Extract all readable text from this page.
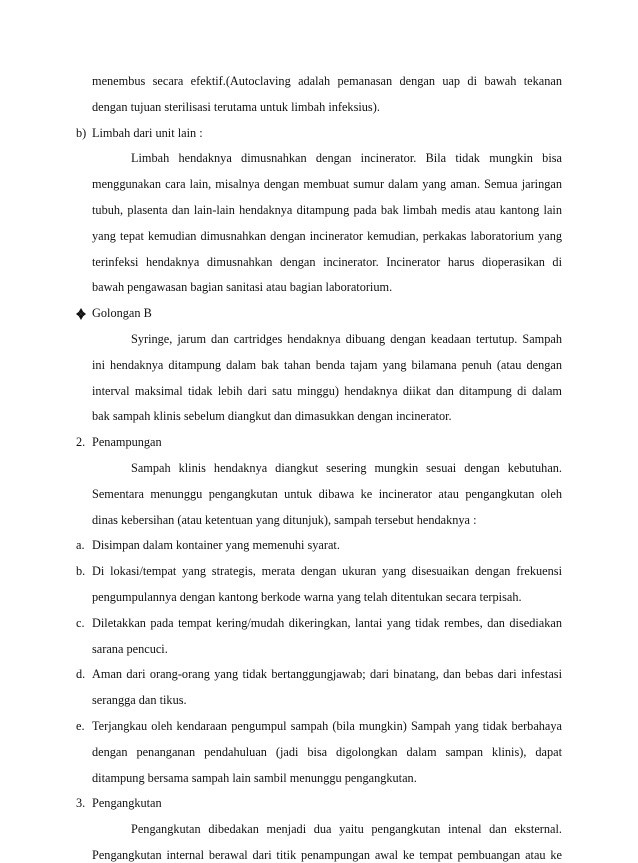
menembus secara efektif.(Autoclaving adalah pemanasan dengan uap di bawah tekanan
dengan tujuan sterilisasi terutama untuk limbah infeksius).
b) Limbah dari unit lain :
Limbah hendaknya dimusnahkan dengan incinerator. Bila tidak mungkin bisa
menggunakan cara lain, misalnya dengan membuat sumur dalam yang aman. Semua jaringan
tubuh, plasenta dan lain-lain hendaknya ditampung pada bak limbah medis atau kantong lain
yang tepat kemudian dimusnahkan dengan incinerator kemudian, perkakas laboratorium yang
terinfeksi hendaknya dimusnahkan dengan incinerator. Incinerator harus dioperasikan di
bawah pengawasan bagian sanitasi atau bagian laboratorium.
Golongan B
Syringe, jarum dan cartridges hendaknya dibuang dengan keadaan tertutup. Sampah
ini hendaknya ditampung dalam bak tahan benda tajam yang bilamana penuh (atau dengan
interval maksimal tidak lebih dari satu minggu) hendaknya diikat dan ditampung di dalam
bak sampah klinis sebelum diangkut dan dimasukkan dengan incinerator.
2. Penampungan
Sampah klinis hendaknya diangkut sesering mungkin sesuai dengan kebutuhan.
Sementara menunggu pengangkutan untuk dibawa ke incinerator atau pengangkutan oleh
dinas kebersihan (atau ketentuan yang ditunjuk), sampah tersebut hendaknya :
a. Disimpan dalam kontainer yang memenuhi syarat.
b. Di lokasi/tempat yang strategis, merata dengan ukuran yang disesuaikan dengan frekuensi
pengumpulannya dengan kantong berkode warna yang telah ditentukan secara terpisah.
c. Diletakkan pada tempat kering/mudah dikeringkan, lantai yang tidak rembes, dan disediakan
sarana pencuci.
d. Aman dari orang-orang yang tidak bertanggungjawab; dari binatang, dan bebas dari infestasi
serangga dan tikus.
e. Terjangkau oleh kendaraan pengumpul sampah (bila mungkin) Sampah yang tidak berbahaya
dengan penanganan pendahuluan (jadi bisa digolongkan dalam sampan klinis), dapat
ditampung bersama sampah lain sambil menunggu pengangkutan.
3. Pengangkutan
Pengangkutan dibedakan menjadi dua yaitu pengangkutan intenal dan eksternal.
Pengangkutan internal berawal dari titik penampungan awal ke tempat pembuangan atau ke
